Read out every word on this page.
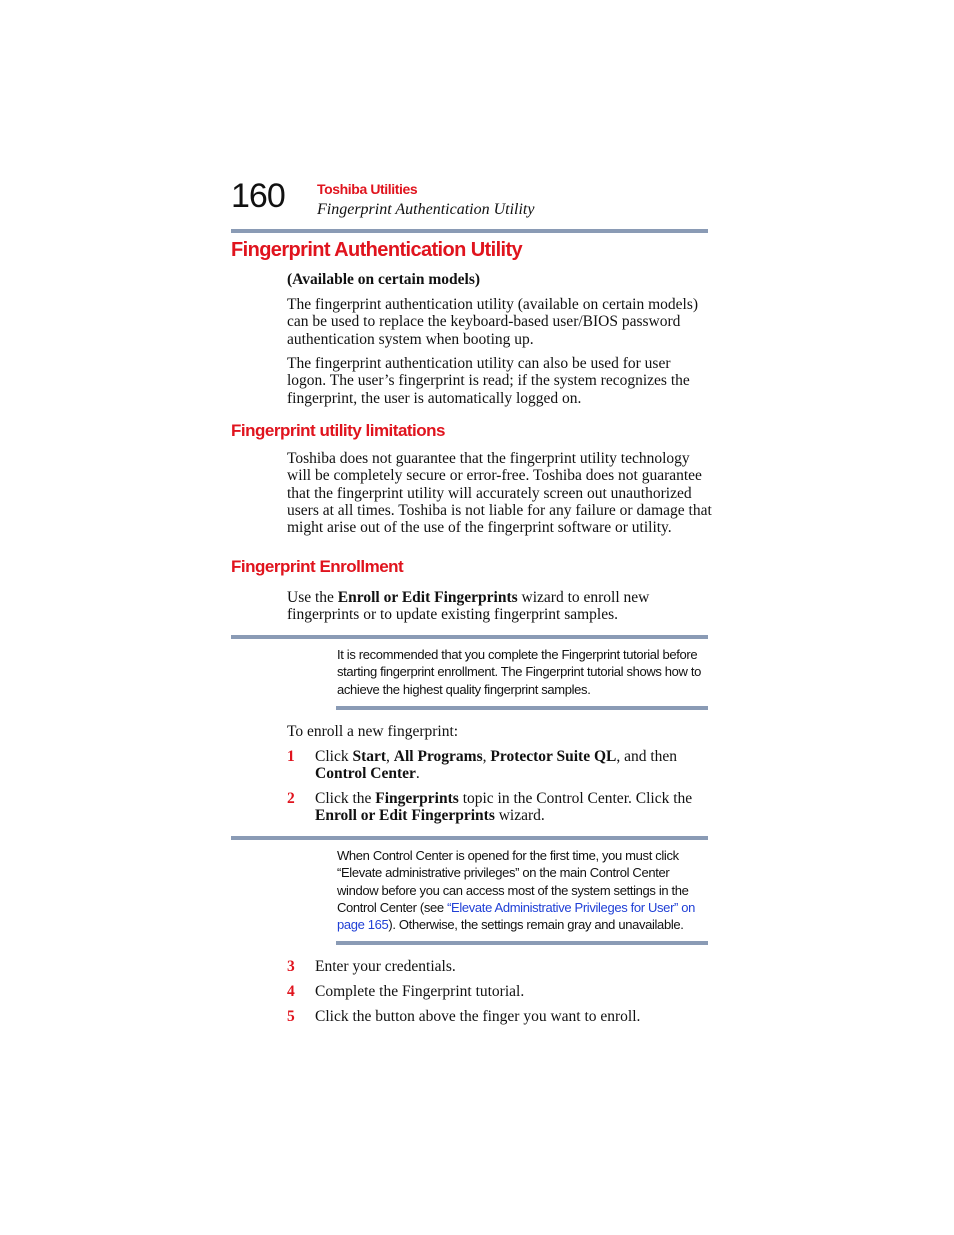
160 Toshiba Utilities
Fingerprint Authentication Utility
Fingerprint Authentication Utility

(Available on certain models)

The fingerprint authentication utility (available on certain models) can be used to replace the keyboard-based user/BIOS password authentication system when booting up.

The fingerprint authentication utility can also be used for user logon. The user’s fingerprint is read; if the system recognizes the fingerprint, the user is automatically logged on.

Fingerprint utility limitations

Toshiba does not guarantee that the fingerprint utility technology will be completely secure or error-free. Toshiba does not guarantee that the fingerprint utility will accurately screen out unauthorized users at all times. Toshiba is not liable for any failure or damage that might arise out of the use of the fingerprint software or utility.

Fingerprint Enrollment

Use the Enroll or Edit Fingerprints wizard to enroll new fingerprints or to update existing fingerprint samples.

It is recommended that you complete the Fingerprint tutorial before starting fingerprint enrollment. The Fingerprint tutorial shows how to achieve the highest quality fingerprint samples.

To enroll a new fingerprint:

1 Click Start, All Programs, Protector Suite QL, and then Control Center.

2 Click the Fingerprints topic in the Control Center. Click the Enroll or Edit Fingerprints wizard.

When Control Center is opened for the first time, you must click “Elevate administrative privileges” on the main Control Center window before you can access most of the system settings in the Control Center (see “Elevate Administrative Privileges for User” on page 165). Otherwise, the settings remain gray and unavailable.

3 Enter your credentials.

4 Complete the Fingerprint tutorial.

5 Click the button above the finger you want to enroll.
